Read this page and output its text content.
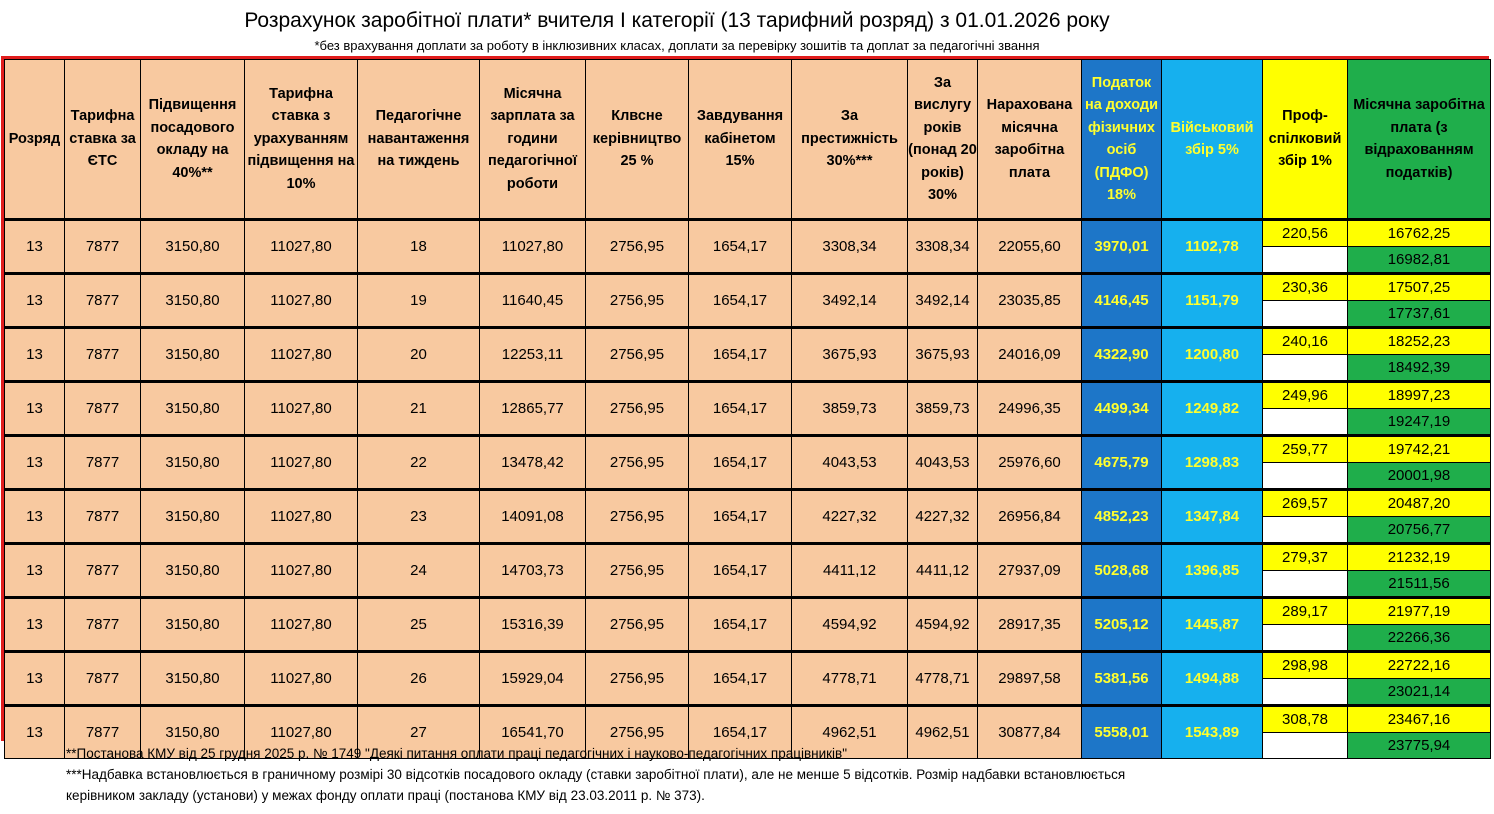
Розрахунок заробітної плати* вчителя І категорії (13 тарифний розряд) з 01.01.2026 року
*без врахування доплати за роботу в інклюзивних класах, доплати за перевірку зошитів та доплат за педагогічні звання
Розряд	Тарифна ставка за ЄТС	Підвищення посадового окладу на 40%**	Тарифна ставка з урахуванням підвищення на 10%	Педагогічне навантаження на тиждень	Місячна зарплата за години педагогічної роботи	Клвсне керівництво 25 %	Завдування кабінетом 15%	За престижність 30%***	За вислугу років (понад 20 років) 30%	Нарахована місячна заробітна плата	Податок на доходи фізичних осіб (ПДФО) 18%	Військовий збір 5%	Проф-спілковий збір 1%	Місячна заробітна плата (з відрахованням податків)
13	7877	3150,80	11027,80	18	11027,80	2756,95	1654,17	3308,34	3308,34	22055,60	3970,01	1102,78	220,56	16762,25
														16982,81
13	7877	3150,80	11027,80	19	11640,45	2756,95	1654,17	3492,14	3492,14	23035,85	4146,45	1151,79	230,36	17507,25
														17737,61
13	7877	3150,80	11027,80	20	12253,11	2756,95	1654,17	3675,93	3675,93	24016,09	4322,90	1200,80	240,16	18252,23
														18492,39
13	7877	3150,80	11027,80	21	12865,77	2756,95	1654,17	3859,73	3859,73	24996,35	4499,34	1249,82	249,96	18997,23
														19247,19
13	7877	3150,80	11027,80	22	13478,42	2756,95	1654,17	4043,53	4043,53	25976,60	4675,79	1298,83	259,77	19742,21
														20001,98
13	7877	3150,80	11027,80	23	14091,08	2756,95	1654,17	4227,32	4227,32	26956,84	4852,23	1347,84	269,57	20487,20
														20756,77
13	7877	3150,80	11027,80	24	14703,73	2756,95	1654,17	4411,12	4411,12	27937,09	5028,68	1396,85	279,37	21232,19
														21511,56
13	7877	3150,80	11027,80	25	15316,39	2756,95	1654,17	4594,92	4594,92	28917,35	5205,12	1445,87	289,17	21977,19
														22266,36
13	7877	3150,80	11027,80	26	15929,04	2756,95	1654,17	4778,71	4778,71	29897,58	5381,56	1494,88	298,98	22722,16
														23021,14
13	7877	3150,80	11027,80	27	16541,70	2756,95	1654,17	4962,51	4962,51	30877,84	5558,01	1543,89	308,78	23467,16
														23775,94
**Постанова КМУ від 25 грудня 2025 р. № 1749 "Деякі питання оплати праці педагогічних і науково-педагогічних працівників"
***Надбавка встановлюється в граничному розмірі 30 відсотків посадового окладу (ставки заробітної плати), але не менше 5 відсотків. Розмір надбавки встановлюється
керівником закладу (установи) у межах фонду оплати праці (постанова КМУ від 23.03.2011 р. № 373).
